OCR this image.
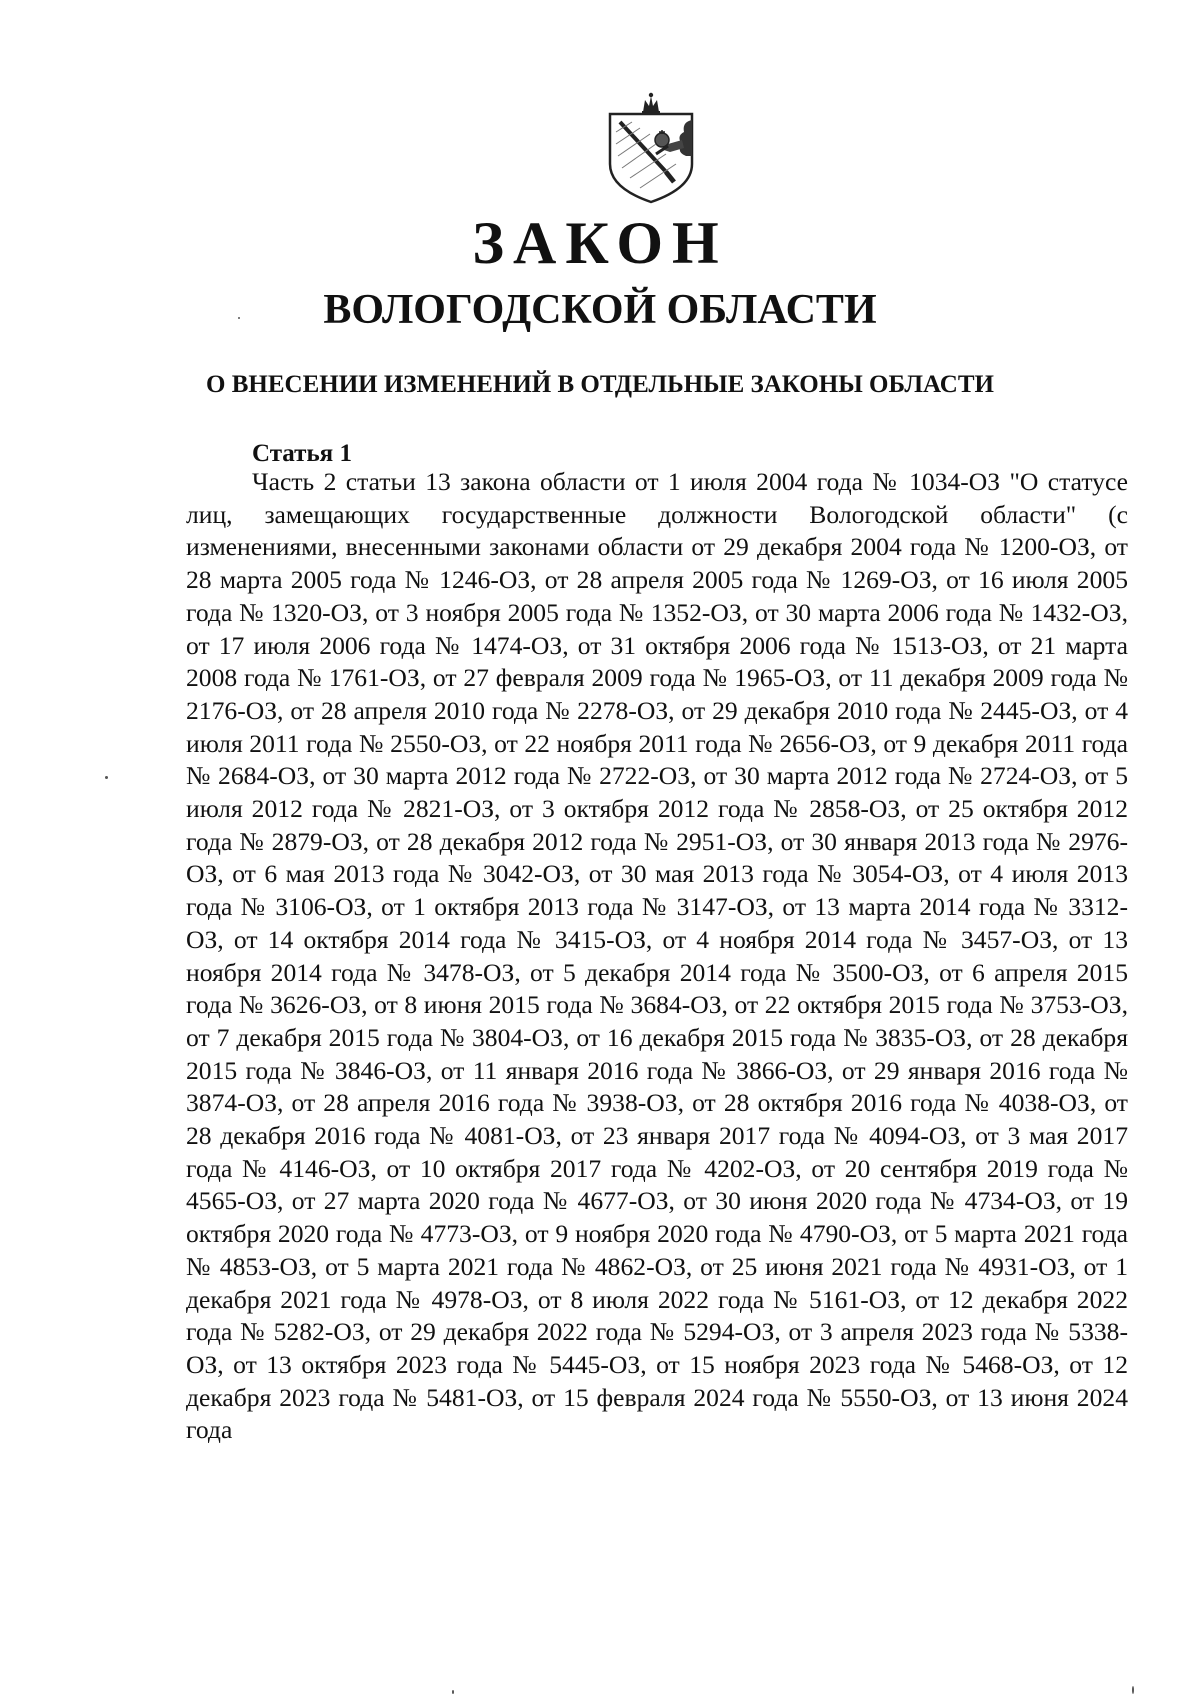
ЗАКОН
ВОЛОГОДСКОЙ ОБЛАСТИ
О ВНЕСЕНИИ ИЗМЕНЕНИЙ В ОТДЕЛЬНЫЕ ЗАКОНЫ ОБЛАСТИ
Статья 1
Часть 2 статьи 13 закона области от 1 июля 2004 года № 1034-ОЗ "О статусе лиц, замещающих государственные должности Вологодской области" (с изменениями, внесенными законами области от 29 декабря 2004 года № 1200-ОЗ, от 28 марта 2005 года № 1246-ОЗ, от 28 апреля 2005 года № 1269-ОЗ, от 16 июля 2005 года № 1320-ОЗ, от 3 ноября 2005 года № 1352-ОЗ, от 30 марта 2006 года № 1432-ОЗ, от 17 июля 2006 года № 1474-ОЗ, от 31 октября 2006 года № 1513-ОЗ, от 21 марта 2008 года № 1761-ОЗ, от 27 февраля 2009 года № 1965-ОЗ, от 11 декабря 2009 года № 2176-ОЗ, от 28 апреля 2010 года № 2278-ОЗ, от 29 декабря 2010 года № 2445-ОЗ, от 4 июля 2011 года № 2550-ОЗ, от 22 ноября 2011 года № 2656-ОЗ, от 9 декабря 2011 года № 2684-ОЗ, от 30 марта 2012 года № 2722-ОЗ, от 30 марта 2012 года № 2724-ОЗ, от 5 июля 2012 года № 2821-ОЗ, от 3 октября 2012 года № 2858-ОЗ, от 25 октября 2012 года № 2879-ОЗ, от 28 декабря 2012 года № 2951-ОЗ, от 30 января 2013 года № 2976-ОЗ, от 6 мая 2013 года № 3042-ОЗ, от 30 мая 2013 года № 3054-ОЗ, от 4 июля 2013 года № 3106-ОЗ, от 1 октября 2013 года № 3147-ОЗ, от 13 марта 2014 года № 3312-ОЗ, от 14 октября 2014 года № 3415-ОЗ, от 4 ноября 2014 года № 3457-ОЗ, от 13 ноября 2014 года № 3478-ОЗ, от 5 декабря 2014 года № 3500-ОЗ, от 6 апреля 2015 года № 3626-ОЗ, от 8 июня 2015 года № 3684-ОЗ, от 22 октября 2015 года № 3753-ОЗ, от 7 декабря 2015 года № 3804-ОЗ, от 16 декабря 2015 года № 3835-ОЗ, от 28 декабря 2015 года № 3846-ОЗ, от 11 января 2016 года № 3866-ОЗ, от 29 января 2016 года № 3874-ОЗ, от 28 апреля 2016 года № 3938-ОЗ, от 28 октября 2016 года № 4038-ОЗ, от 28 декабря 2016 года № 4081-ОЗ, от 23 января 2017 года № 4094-ОЗ, от 3 мая 2017 года № 4146-ОЗ, от 10 октября 2017 года № 4202-ОЗ, от 20 сентября 2019 года № 4565-ОЗ, от 27 марта 2020 года № 4677-ОЗ, от 30 июня 2020 года № 4734-ОЗ, от 19 октября 2020 года № 4773-ОЗ, от 9 ноября 2020 года № 4790-ОЗ, от 5 марта 2021 года № 4853-ОЗ, от 5 марта 2021 года № 4862-ОЗ, от 25 июня 2021 года № 4931-ОЗ, от 1 декабря 2021 года № 4978-ОЗ, от 8 июля 2022 года № 5161-ОЗ, от 12 декабря 2022 года № 5282-ОЗ, от 29 декабря 2022 года № 5294-ОЗ, от 3 апреля 2023 года № 5338-ОЗ, от 13 октября 2023 года № 5445-ОЗ, от 15 ноября 2023 года № 5468-ОЗ, от 12 декабря 2023 года № 5481-ОЗ, от 15 февраля 2024 года № 5550-ОЗ, от 13 июня 2024 года
